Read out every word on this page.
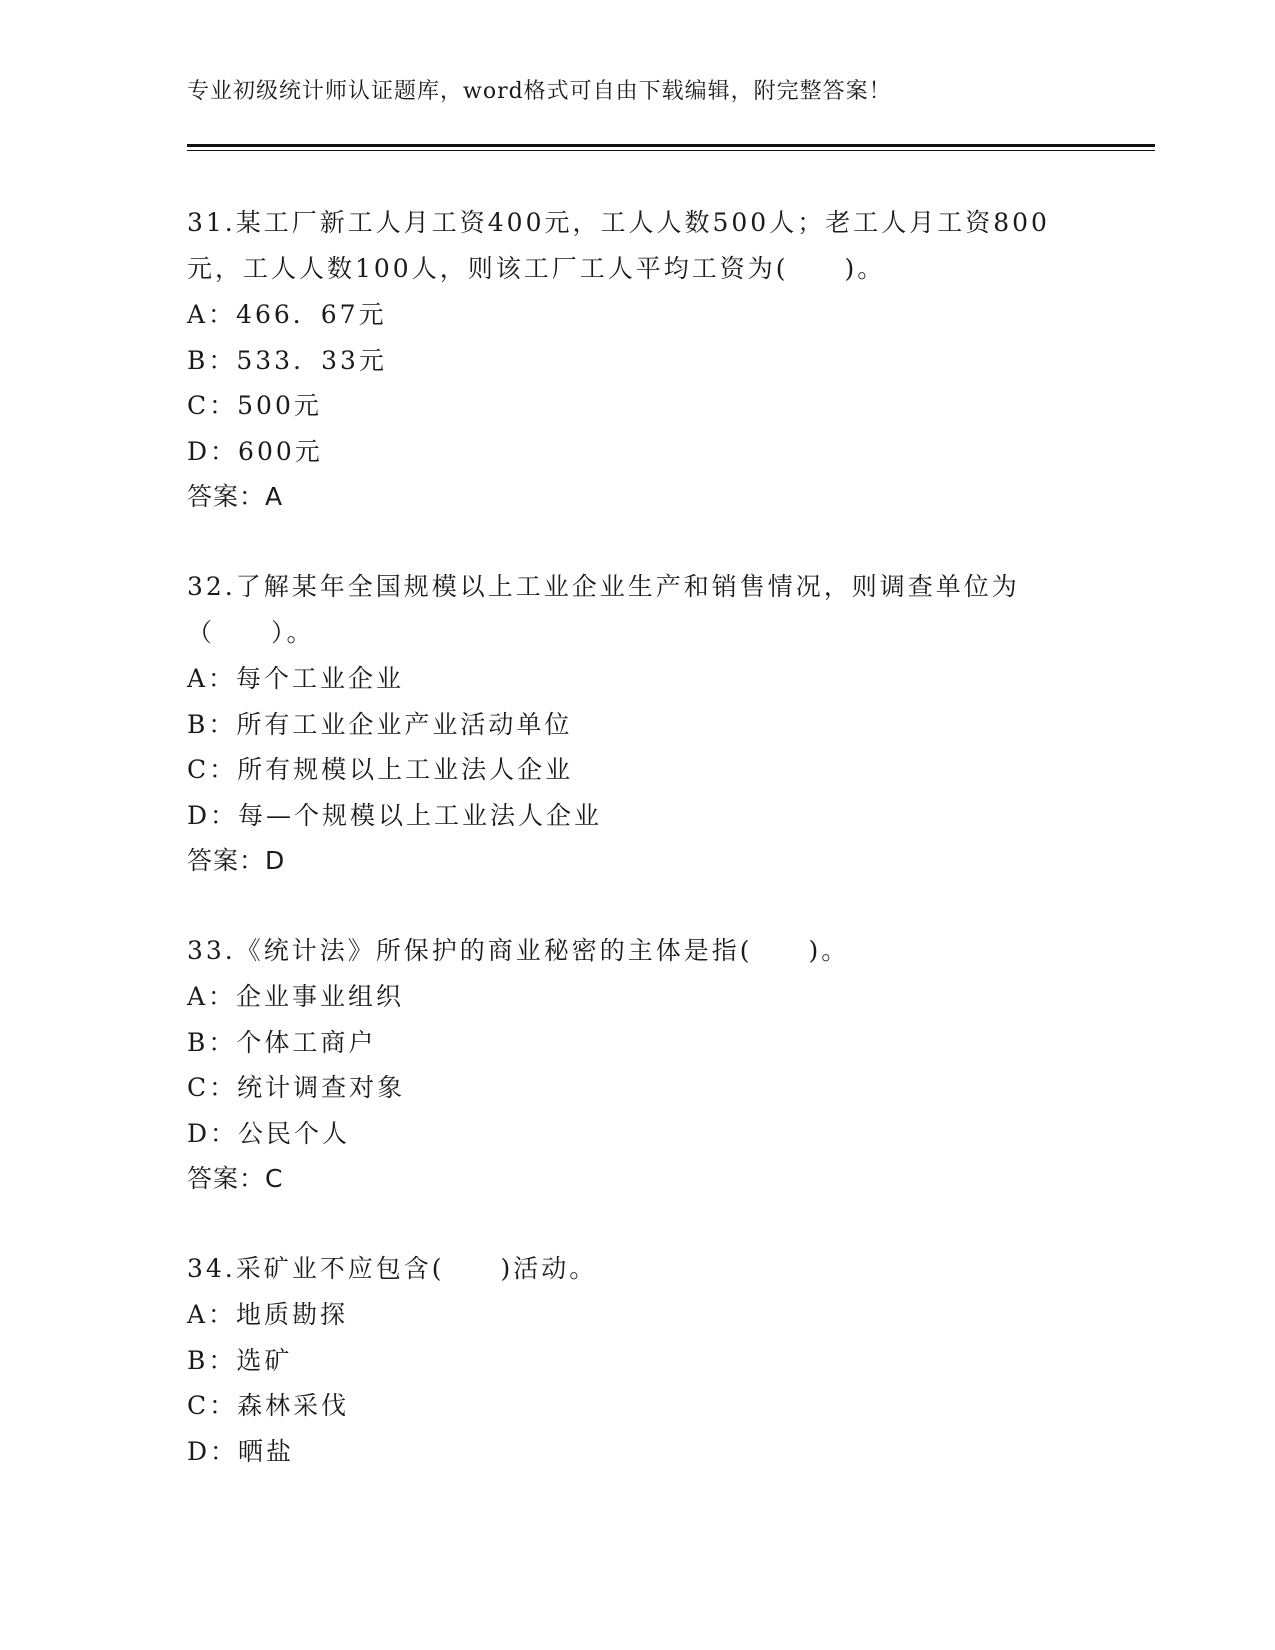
专业初级统计师认证题库，word格式可自由下载编辑，附完整答案！

31.某工厂新工人月工资400元，工人人数500人；老工人月工资800元，工人人数100人，则该工厂工人平均工资为(　　)。

A：466．67元

B：533．33元

C：500元

D：600元

答案：A

32.了解某年全国规模以上工业企业生产和销售情况，则调查单位为（　　）。

A：每个工业企业

B：所有工业企业产业活动单位

C：所有规模以上工业法人企业

D：每—个规模以上工业法人企业

答案：D

33.《统计法》所保护的商业秘密的主体是指(　　)。

A：企业事业组织

B：个体工商户

C：统计调查对象

D：公民个人

答案：C

34.采矿业不应包含(　　)活动。

A：地质勘探

B：选矿

C：森林采伐

D：晒盐
